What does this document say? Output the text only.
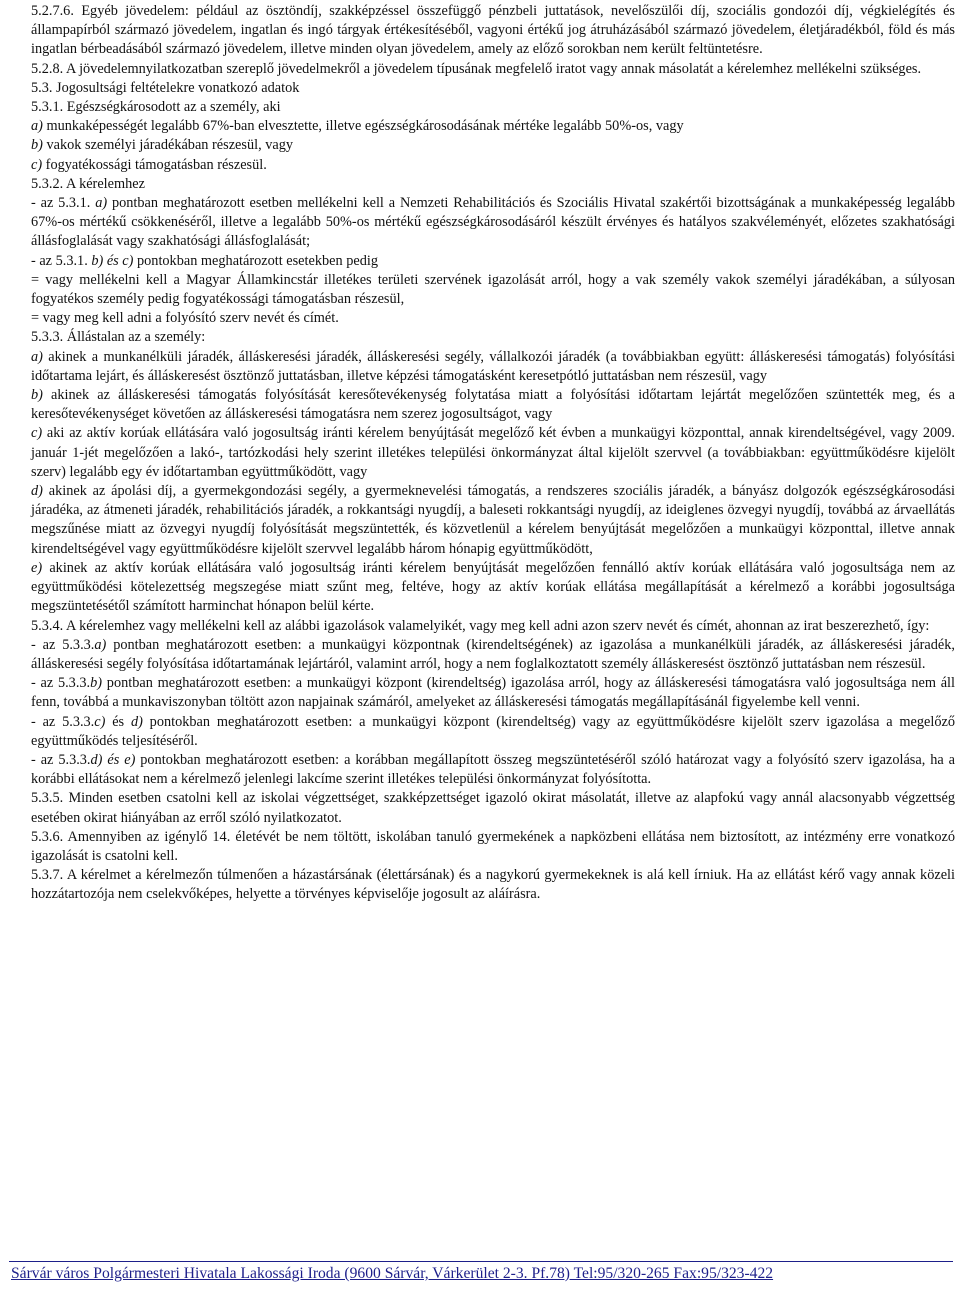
5.2.7.6. Egyéb jövedelem: például az ösztöndíj, szakképzéssel összefüggő pénzbeli juttatások, nevelőszülői díj, szociális gondozói díj, végkielégítés és állampapírból származó jövedelem, ingatlan és ingó tárgyak értékesítéséből, vagyoni értékű jog átruházásából származó jövedelem, életjáradékból, föld és más ingatlan bérbeadásából származó jövedelem, illetve minden olyan jövedelem, amely az előző sorokban nem került feltüntetésre.

5.2.8. A jövedelemnyilatkozatban szereplő jövedelmekről a jövedelem típusának megfelelő iratot vagy annak másolatát a kérelemhez mellékelni szükséges.

5.3. Jogosultsági feltételekre vonatkozó adatok

5.3.1. Egészségkárosodott az a személy, aki

a) munkaképességét legalább 67%-ban elvesztette, illetve egészségkárosodásának mértéke legalább 50%-os, vagy

b) vakok személyi járadékában részesül, vagy

c) fogyatékossági támogatásban részesül.

5.3.2. A kérelemhez

- az 5.3.1. a) pontban meghatározott esetben mellékelni kell a Nemzeti Rehabilitációs és Szociális Hivatal szakértői bizottságának a munkaképesség legalább 67%-os mértékű csökkenéséről, illetve a legalább 50%-os mértékű egészségkárosodásáról készült érvényes és hatályos szakvéleményét, előzetes szakhatósági állásfoglalását vagy szakhatósági állásfoglalását;

- az 5.3.1. b) és c) pontokban meghatározott esetekben pedig

= vagy mellékelni kell a Magyar Államkincstár illetékes területi szervének igazolását arról, hogy a vak személy vakok személyi járadékában, a súlyosan fogyatékos személy pedig fogyatékossági támogatásban részesül,

= vagy meg kell adni a folyósító szerv nevét és címét.

5.3.3. Állástalan az a személy:

a) akinek a munkanélküli járadék, álláskeresési járadék, álláskeresési segély, vállalkozói járadék (a továbbiakban együtt: álláskeresési támogatás) folyósítási időtartama lejárt, és álláskeresést ösztönző juttatásban, illetve képzési támogatásként keresetpótló juttatásban nem részesül, vagy

b) akinek az álláskeresési támogatás folyósítását keresőtevékenység folytatása miatt a folyósítási időtartam lejártát megelőzően szüntették meg, és a keresőtevékenységet követően az álláskeresési támogatásra nem szerez jogosultságot, vagy

c) aki az aktív korúak ellátására való jogosultság iránti kérelem benyújtását megelőző két évben a munkaügyi központtal, annak kirendeltségével, vagy 2009. január 1-jét megelőzően a lakó-, tartózkodási hely szerint illetékes települési önkormányzat által kijelölt szervvel (a továbbiakban: együttműködésre kijelölt szerv) legalább egy év időtartamban együttműködött, vagy

d) akinek az ápolási díj, a gyermekgondozási segély, a gyermeknevelési támogatás, a rendszeres szociális járadék, a bányász dolgozók egészségkárosodási járadéka, az átmeneti járadék, rehabilitációs járadék, a rokkantsági nyugdíj, a baleseti rokkantsági nyugdíj, az ideiglenes özvegyi nyugdíj, továbbá az árvaellátás megszűnése miatt az özvegyi nyugdíj folyósítását megszüntették, és közvetlenül a kérelem benyújtását megelőzően a munkaügyi központtal, illetve annak kirendeltségével vagy együttműködésre kijelölt szervvel legalább három hónapig együttműködött,

e) akinek az aktív korúak ellátására való jogosultság iránti kérelem benyújtását megelőzően fennálló aktív korúak ellátására való jogosultsága nem az együttműködési kötelezettség megszegése miatt szűnt meg, feltéve, hogy az aktív korúak ellátása megállapítását a kérelmező a korábbi jogosultsága megszüntetésétől számított harminchat hónapon belül kérte.

5.3.4. A kérelemhez vagy mellékelni kell az alábbi igazolások valamelyikét, vagy meg kell adni azon szerv nevét és címét, ahonnan az irat beszerezhető, így:

- az 5.3.3.a) pontban meghatározott esetben: a munkaügyi központnak (kirendeltségének) az igazolása a munkanélküli járadék, az álláskeresési járadék, álláskeresési segély folyósítása időtartamának lejártáról, valamint arról, hogy a nem foglalkoztatott személy álláskeresést ösztönző juttatásban nem részesül.

- az 5.3.3.b) pontban meghatározott esetben: a munkaügyi központ (kirendeltség) igazolása arról, hogy az álláskeresési támogatásra való jogosultsága nem áll fenn, továbbá a munkaviszonyban töltött azon napjainak számáról, amelyeket az álláskeresési támogatás megállapításánál figyelembe kell venni.

- az 5.3.3.c) és d) pontokban meghatározott esetben: a munkaügyi központ (kirendeltség) vagy az együttműködésre kijelölt szerv igazolása a megelőző együttműködés teljesítéséről.

- az 5.3.3.d) és e) pontokban meghatározott esetben: a korábban megállapított összeg megszüntetéséről szóló határozat vagy a folyósító szerv igazolása, ha a korábbi ellátásokat nem a kérelmező jelenlegi lakcíme szerint illetékes települési önkormányzat folyósította.

5.3.5. Minden esetben csatolni kell az iskolai végzettséget, szakképzettséget igazoló okirat másolatát, illetve az alapfokú vagy annál alacsonyabb végzettség esetében okirat hiányában az erről szóló nyilatkozatot.

5.3.6. Amennyiben az igénylő 14. életévét be nem töltött, iskolában tanuló gyermekének a napközbeni ellátása nem biztosított, az intézmény erre vonatkozó igazolását is csatolni kell.

5.3.7. A kérelmet a kérelmezőn túlmenően a házastársának (élettársának) és a nagykorú gyermekeknek is alá kell írniuk. Ha az ellátást kérő vagy annak közeli hozzátartozója nem cselekvőképes, helyette a törvényes képviselője jogosult az aláírásra.

Sárvár város Polgármesteri Hivatala Lakossági Iroda (9600 Sárvár, Várkerület 2-3. Pf.78) Tel:95/320-265 Fax:95/323-422
